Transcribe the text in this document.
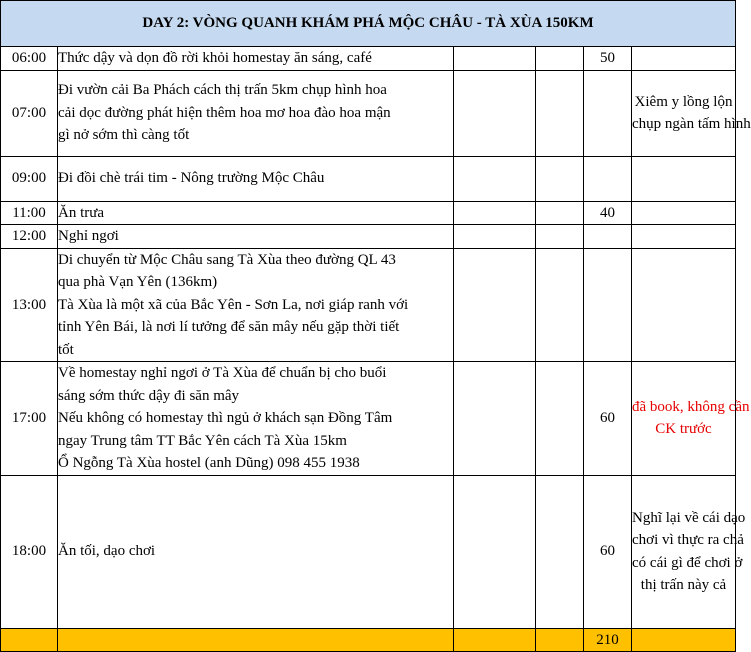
DAY 2: VÒNG QUANH KHÁM PHÁ MỘC CHÂU - TÀ XÙA 150KM					
06:00	Thức dậy và dọn đồ rời khỏi homestay ăn sáng, café			50	
07:00	Đi vườn cải Ba Phách cách thị trấn 5km chụp hình hoa
cải dọc đường phát hiện thêm hoa mơ hoa đào hoa mận
gì nở sớm thì càng tốt				Xiêm y lồng lộn
chụp ngàn tấm hình

09:00	Đi đồi chè trái tim - Nông trường Mộc Châu				

11:00	Ăn trưa			40	
12:00	Nghỉ ngơi				

13:00	Di chuyển từ Mộc Châu sang Tà Xùa theo đường QL 43
qua phà Vạn Yên (136km)
Tà Xùa là một xã của Bắc Yên - Sơn La, nơi giáp ranh với
tỉnh Yên Bái, là nơi lí tưởng để săn mây nếu gặp thời tiết
tốt				

17:00	Về homestay nghỉ ngơi ở Tà Xùa để chuẩn bị cho buổi
sáng sớm thức dậy đi săn mây
Nếu không có homestay thì ngủ ở khách sạn Đồng Tâm
ngay Trung tâm TT Bắc Yên cách Tà Xùa 15km
Ổ Ngỗng Tà Xùa hostel (anh Dũng) 098 455 1938			60	đã book, không cần
CK trước

18:00	Ăn tối, dạo chơi			60	Nghĩ lại về cái dạo
chơi vì thực ra chả
có cái gì để chơi ở
thị trấn này cả

				210	
